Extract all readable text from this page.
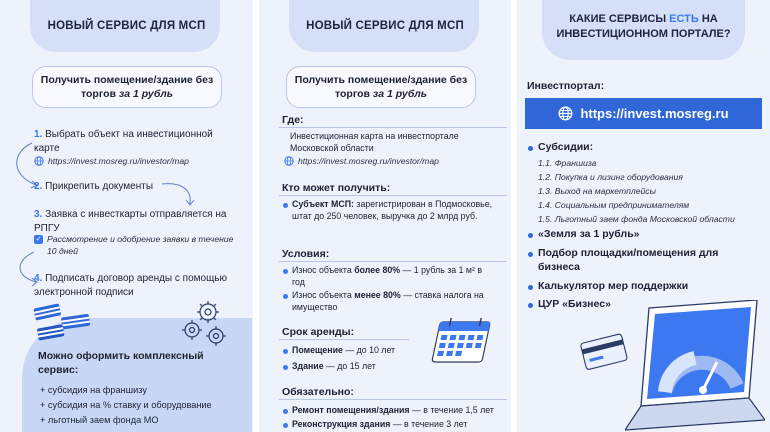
НОВЫЙ СЕРВИС ДЛЯ МСП
Получить помещение/здание без торгов за 1 рубль
1. Выбрать объект на инвестиционной карте
https://invest.mosreg.ru/investor/map
2. Прикрепить документы
3. Заявка с инвесткарты отправляется на РПГУ
✓ Рассмотрение и одобрение заявки в течение 10 дней
4. Подписать договор аренды с помощью электронной подписи
Можно оформить комплексный сервис:
+ субсидия на франшизу
+ субсидия на % ставку и оборудование
+ льготный заем фонда МО
НОВЫЙ СЕРВИС ДЛЯ МСП
Получить помещение/здание без торгов за 1 рубль
Где:
Инвестиционная карта на инвестпортале Московской области
https://invest.mosreg.ru/investor/map
Кто может получить:
Субъект МСП: зарегистрирован в Подмосковье, штат до 250 человек, выручка до 2 млрд руб.
Условия:
Износ объекта более 80% — 1 рубль за 1 м² в год
Износ объекта менее 80% — ставка налога на имущество
Срок аренды:
Помещение — до 10 лет
Здание — до 15 лет
Обязательно:
Ремонт помещения/здания — в течение 1,5 лет
Реконструкция здания — в течение 3 лет
КАКИЕ СЕРВИСЫ ЕСТЬ НА
ИНВЕСТИЦИОННОМ ПОРТАЛЕ?
Инвестпортал:
https://invest.mosreg.ru
Субсидии:
1.1. Франшиза
1.2. Покупка и лизинг оборудования
1.3. Выход на маркетплейсы
1.4. Социальным предпринимателям
1.5. Льготный заем фонда Московской области
«Земля за 1 рубль»
Подбор площадки/помещения для бизнеса
Калькулятор мер поддержки
ЦУР «Бизнес»
